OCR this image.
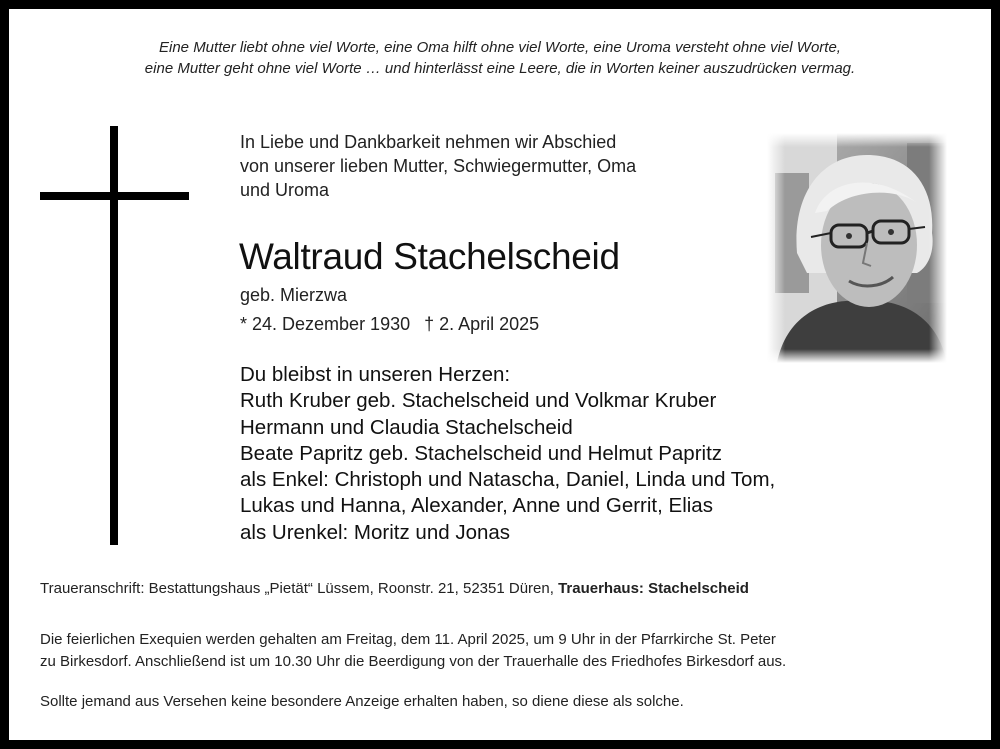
Eine Mutter liebt ohne viel Worte, eine Oma hilft ohne viel Worte, eine Uroma versteht ohne viel Worte,
eine Mutter geht ohne viel Worte … und hinterlässt eine Leere, die in Worten keiner auszudrücken vermag.
In Liebe und Dankbarkeit nehmen wir Abschied
von unserer lieben Mutter, Schwiegermutter, Oma
und Uroma
Waltraud Stachelscheid
geb. Mierzwa
* 24. Dezember 1930 † 2. April 2025
Du bleibst in unseren Herzen:
Ruth Kruber geb. Stachelscheid und Volkmar Kruber
Hermann und Claudia Stachelscheid
Beate Papritz geb. Stachelscheid und Helmut Papritz
als Enkel: Christoph und Natascha, Daniel, Linda und Tom,
Lukas und Hanna, Alexander, Anne und Gerrit, Elias
als Urenkel: Moritz und Jonas
Traueranschrift: Bestattungshaus „Pietät“ Lüssem, Roonstr. 21, 52351 Düren, Trauerhaus: Stachelscheid
Die feierlichen Exequien werden gehalten am Freitag, dem 11. April 2025, um 9 Uhr in der Pfarrkirche St. Peter
zu Birkesdorf. Anschließend ist um 10.30 Uhr die Beerdigung von der Trauerhalle des Friedhofes Birkesdorf aus.
Sollte jemand aus Versehen keine besondere Anzeige erhalten haben, so diene diese als solche.
